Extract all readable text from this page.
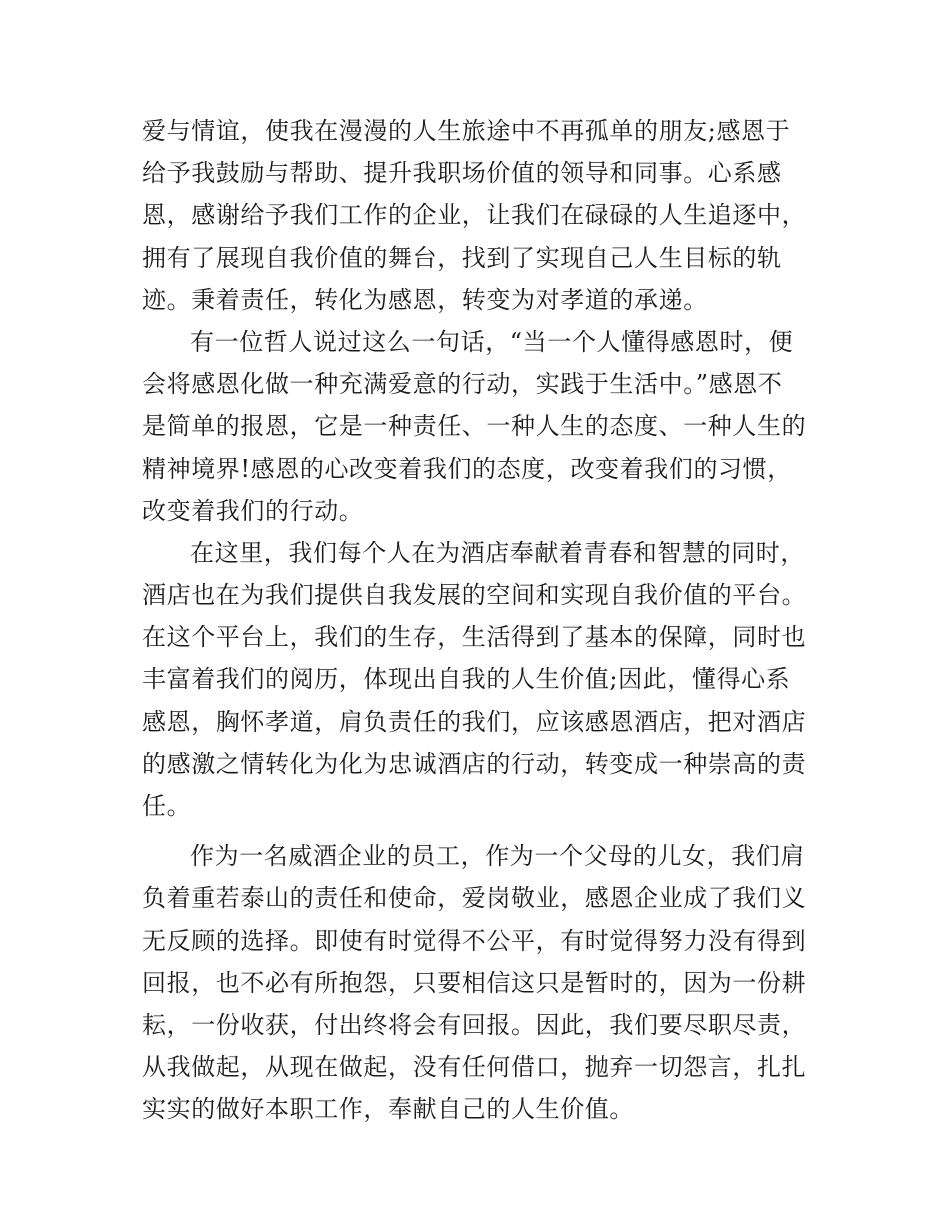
爱与情谊，使我在漫漫的人生旅途中不再孤单的朋友;感恩于
给予我鼓励与帮助、提升我职场价值的领导和同事。心系感
恩，感谢给予我们工作的企业，让我们在碌碌的人生追逐中，
拥有了展现自我价值的舞台，找到了实现自己人生目标的轨
迹。秉着责任，转化为感恩，转变为对孝道的承递。
有一位哲人说过这么一句话，“当一个人懂得感恩时，便
会将感恩化做一种充满爱意的行动，实践于生活中。”感恩不
是简单的报恩，它是一种责任、一种人生的态度、一种人生的
精神境界!感恩的心改变着我们的态度，改变着我们的习惯，
改变着我们的行动。
在这里，我们每个人在为酒店奉献着青春和智慧的同时，
酒店也在为我们提供自我发展的空间和实现自我价值的平台。
在这个平台上，我们的生存，生活得到了基本的保障，同时也
丰富着我们的阅历，体现出自我的人生价值;因此，懂得心系
感恩，胸怀孝道，肩负责任的我们，应该感恩酒店，把对酒店
的感激之情转化为化为忠诚酒店的行动，转变成一种崇高的责
任。
作为一名威酒企业的员工，作为一个父母的儿女，我们肩
负着重若泰山的责任和使命，爱岗敬业，感恩企业成了我们义
无反顾的选择。即使有时觉得不公平，有时觉得努力没有得到
回报，也不必有所抱怨，只要相信这只是暂时的，因为一份耕
耘，一份收获，付出终将会有回报。因此，我们要尽职尽责，
从我做起，从现在做起，没有任何借口，抛弃一切怨言，扎扎
实实的做好本职工作，奉献自己的人生价值。
